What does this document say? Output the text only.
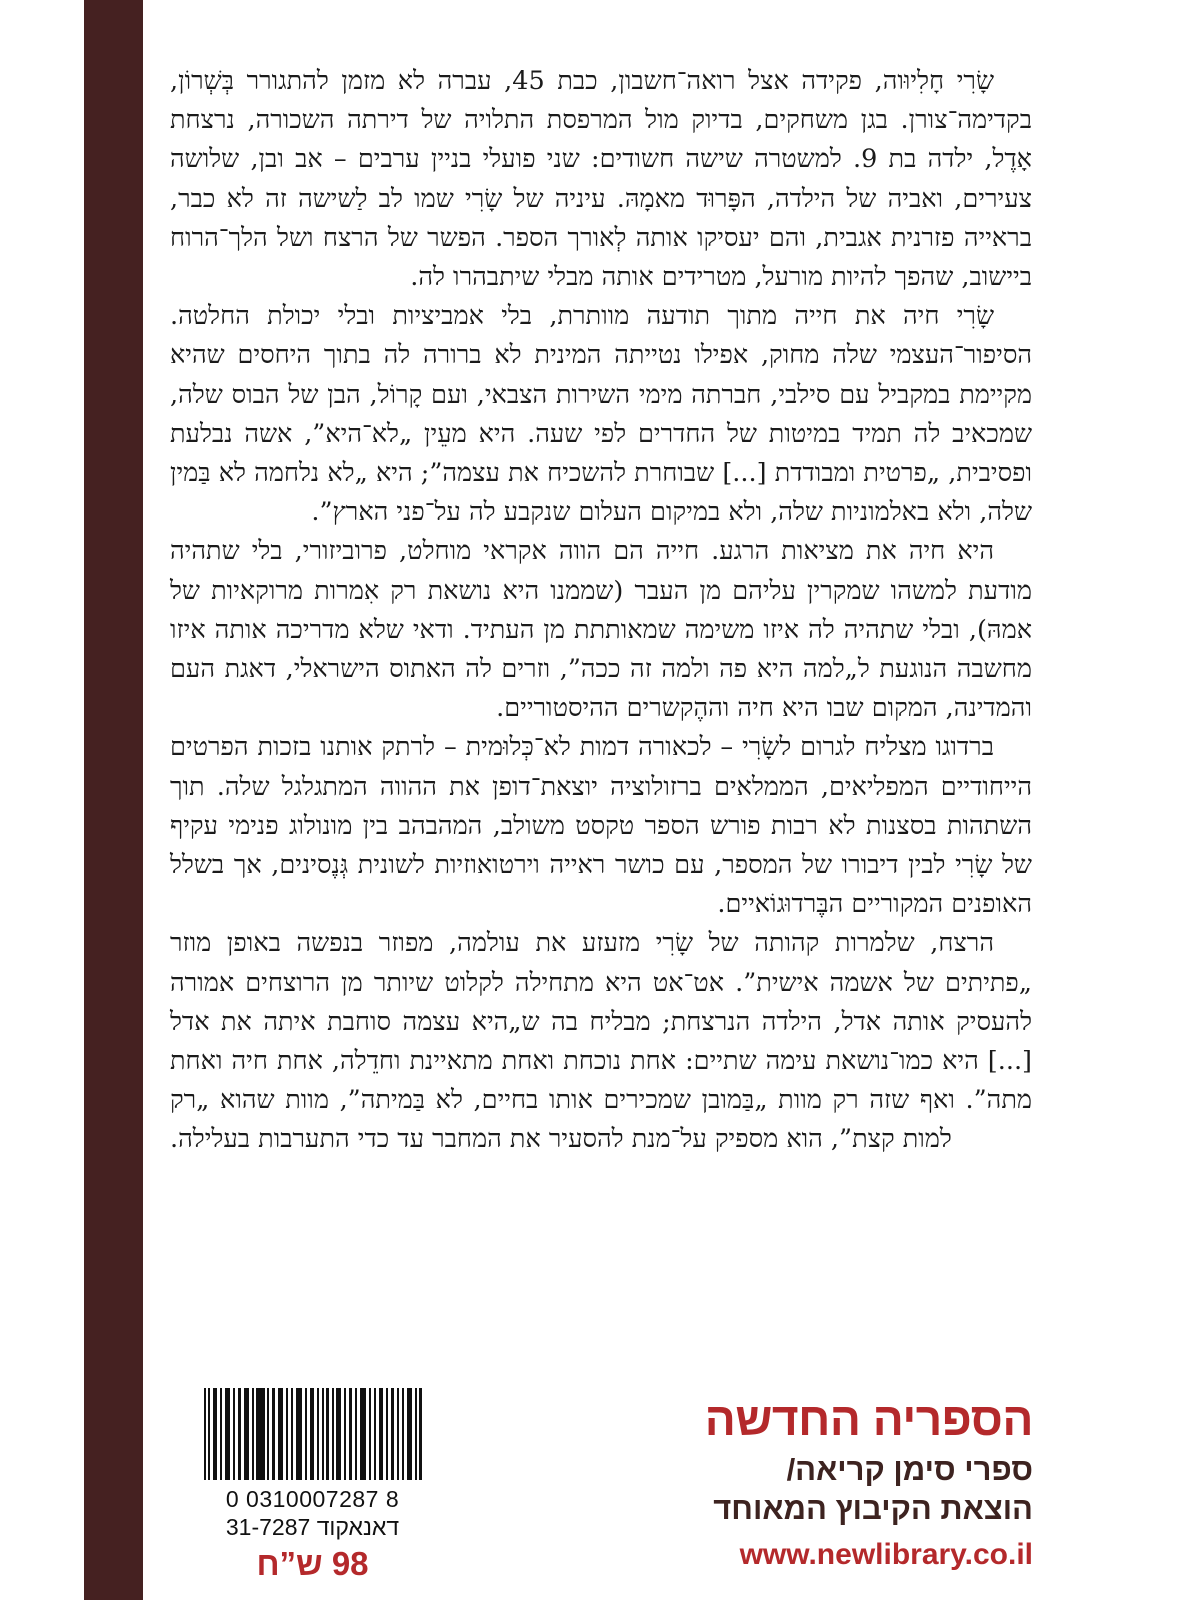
שָׂרִי חָלִיוּוה, פקידה אצל רואה־חשבון, כבת 45, עברה לא מזמן להתגורר בְּשְׁרוֹן, בקדימה־צורן. בגן משחקים, בדיוק מול המרפסת התלויה של דירתה השכורה, נרצחת אָדֶל, ילדה בת 9. למשטרה שישה חשודים: שני פועלי בניין ערבים – אב ובן, שלושה צעירים, ואביה של הילדה, הפָּרוּד מאמָהּ. עיניה של שָׂרִי שמו לב לַשישה זה לא כבר, בראייה פזרנית אגבית, והם יעסיקו אותה לְאורך הספר. הפשר של הרצח ושל הלך־הרוח ביישוב, שהפך להיות מורעל, מטרידים אותה מבלי שיתבהרו לה.

שָׂרִי חיה את חייה מתוך תודעה מוותרת, בלי אמביציות ובלי יכולת החלטה. הסיפור־העצמי שלה מחוק, אפילו נטייתה המינית לא ברורה לה בתוך היחסים שהיא מקיימת במקביל עם סילבי, חברתה מימי השירות הצבאי, ועם קָרוֹל, הבן של הבוס שלה, שמכאיב לה תמיד במיטות של החדרים לפי שעה. היא מעֵין „לא־היא”, אשה נבלעת ופסיבית, „פרטית ומבודדת [...] שבוחרת להשכיח את עצמה”; היא „לא נלחמה לא בַּמין שלה, ולא באלמוניות שלה, ולא במיקום העלום שנקבע לה על־פני הארץ”.

היא חיה את מציאות הרגע. חייה הם הווה אקראי מוחלט, פרוביזורי, בלי שתהיה מודעת למשהו שמקרין עליהם מן העבר (שממנו היא נושאת רק אִמרות מרוקאיות של אמהּ), ובלי שתהיה לה איזו משימה שמאותתת מן העתיד. ודאי שלא מדריכה אותה איזו מחשבה הנוגעת ל„למה היא פה ולמה זה ככה”, וזרים לה האתוס הישראלי, דאגת העם והמדינה, המקום שבו היא חיה וההֶקשרים ההיסטוריים.

ברדוגו מצליח לגרום לשָׂרִי – לכאורה דמות לא־כְּלוּמית – לרתק אותנו בזכות הפרטים הייחודיים המפליאים, הממלאים ברזולוציה יוצאת־דופן את ההווה המתגלגל שלה. תוך השתהות בסצנות לא רבות פורש הספר טקסט משולב, המהבהב בין מונולוג פנימי עקיף של שָׂרִי לבין דיבורו של המספר, עם כושר ראייה וירטואוזיות לשונית גְּנֶסינים, אך בשלל האופנים המקוריים הבֶּרדוּגוֹאיים.

הרצח, שלמרות קהותה של שָׂרִי מזעזע את עולמה, מפוזר בנפשה באופן מוזר „פתיתים של אשמה אישית”. אט־אט היא מתחילה לקלוט שיותר מן הרוצחים אמורה להעסיק אותה אדל, הילדה הנרצחת; מבליח בה ש„היא עצמה סוחבת איתה את אדל [...] היא כמו־נושאת עימה שתיים: אחת נוכחת ואחת מתאיינת וחדֵלה, אחת חיה ואחת מתה”. ואף שזה רק מוות „בַּמובן שמכירים אותו בחיים, לא בַּמיתה”, מוות שהוא „רק למות קצת”, הוא מספיק על־מנת להסעיר את המחבר עד כדי התערבות בעלילה.

0 0310007287 8
דאנאקוד 31-7287
98 ש”ח
הספריה החדשה
ספרי סימן קריאה/
הוצאת הקיבוץ המאוחד
www.newlibrary.co.il
